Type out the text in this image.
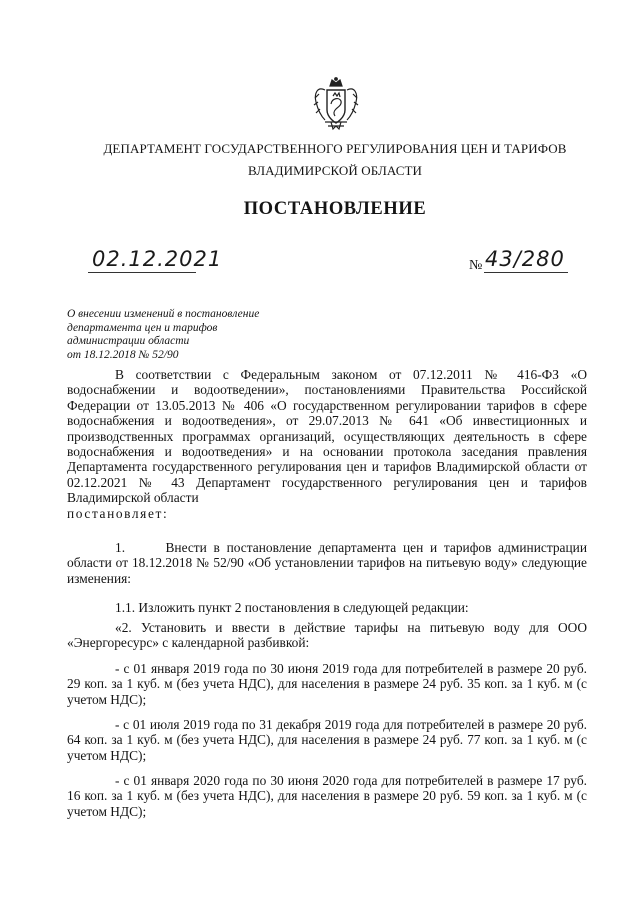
ДЕПАРТАМЕНТ ГОСУДАРСТВЕННОГО РЕГУЛИРОВАНИЯ ЦЕН И ТАРИФОВ
ВЛАДИМИРСКОЙ ОБЛАСТИ
ПОСТАНОВЛЕНИЕ
02.12.2021	№ 43/280
О внесении изменений в постановление
департамента цен и тарифов
администрации области
от 18.12.2018 № 52/90

В соответствии с Федеральным законом от 07.12.2011 № 416-ФЗ «О водоснабжении и водоотведении», постановлениями Правительства Российской Федерации от 13.05.2013 № 406 «О государственном регулировании тарифов в сфере водоснабжения и водоотведения», от 29.07.2013 № 641 «Об инвестиционных и производственных программах организаций, осуществляющих деятельность в сфере водоснабжения и водоотведения» и на основании протокола заседания правления Департамента государственного регулирования цен и тарифов Владимирской области от 02.12.2021 № 43 Департамент государственного регулирования цен и тарифов Владимирской области

постановляет:

1.      Внести в постановление департамента цен и тарифов администрации области от 18.12.2018 № 52/90 «Об установлении тарифов на питьевую воду» следующие изменения:

1.1. Изложить пункт 2 постановления в следующей редакции:

«2. Установить и ввести в действие тарифы на питьевую воду для ООО «Энергоресурс» с календарной разбивкой:

- с 01 января 2019 года по 30 июня 2019 года для потребителей в размере 20 руб. 29 коп. за 1 куб. м (без учета НДС), для населения в размере 24 руб. 35 коп. за 1 куб. м (с учетом НДС);

- с 01 июля 2019 года по 31 декабря 2019 года для потребителей в размере 20 руб. 64 коп. за 1 куб. м (без учета НДС), для населения в размере 24 руб. 77 коп. за 1 куб. м (с учетом НДС);

- с 01 января 2020 года по 30 июня 2020 года для потребителей в размере 17 руб. 16 коп. за 1 куб. м (без учета НДС), для населения в размере 20 руб. 59 коп. за 1 куб. м (с учетом НДС);
